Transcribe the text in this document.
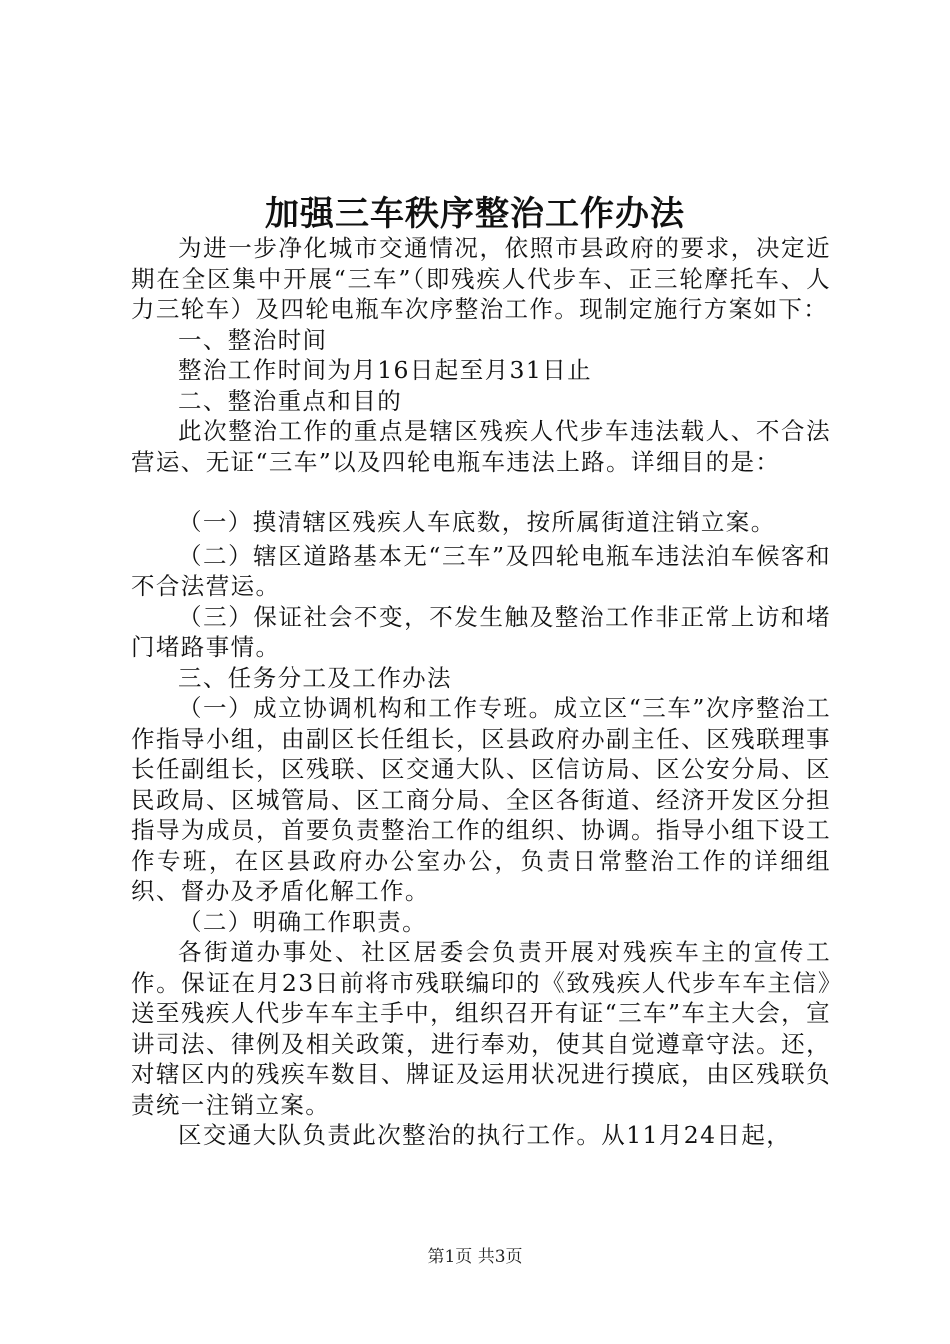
加强三车秩序整治工作办法

为进一步净化城市交通情况，依照市县政府的要求，决定近期在全区集中开展“三车”（即残疾人代步车、正三轮摩托车、人力三轮车）及四轮电瓶车次序整治工作。现制定施行方案如下：

一、整治时间

整治工作时间为月16日起至月31日止

二、整治重点和目的

此次整治工作的重点是辖区残疾人代步车违法载人、不合法营运、无证“三车”以及四轮电瓶车违法上路。详细目的是：

（一）摸清辖区残疾人车底数，按所属街道注销立案。

（二）辖区道路基本无“三车”及四轮电瓶车违法泊车候客和不合法营运。

（三）保证社会不变，不发生触及整治工作非正常上访和堵门堵路事情。

三、任务分工及工作办法

（一）成立协调机构和工作专班。成立区“三车”次序整治工作指导小组，由副区长任组长，区县政府办副主任、区残联理事长任副组长，区残联、区交通大队、区信访局、区公安分局、区民政局、区城管局、区工商分局、全区各街道、经济开发区分担指导为成员，首要负责整治工作的组织、协调。指导小组下设工作专班，在区县政府办公室办公，负责日常整治工作的详细组织、督办及矛盾化解工作。

（二）明确工作职责。

各街道办事处、社区居委会负责开展对残疾车主的宣传工作。保证在月23日前将市残联编印的《致残疾人代步车车主信》送至残疾人代步车车主手中，组织召开有证“三车”车主大会，宣讲司法、律例及相关政策，进行奉劝，使其自觉遵章守法。还，对辖区内的残疾车数目、牌证及运用状况进行摸底，由区残联负责统一注销立案。

区交通大队负责此次整治的执行工作。从11月24日起，

第1页 共3页
